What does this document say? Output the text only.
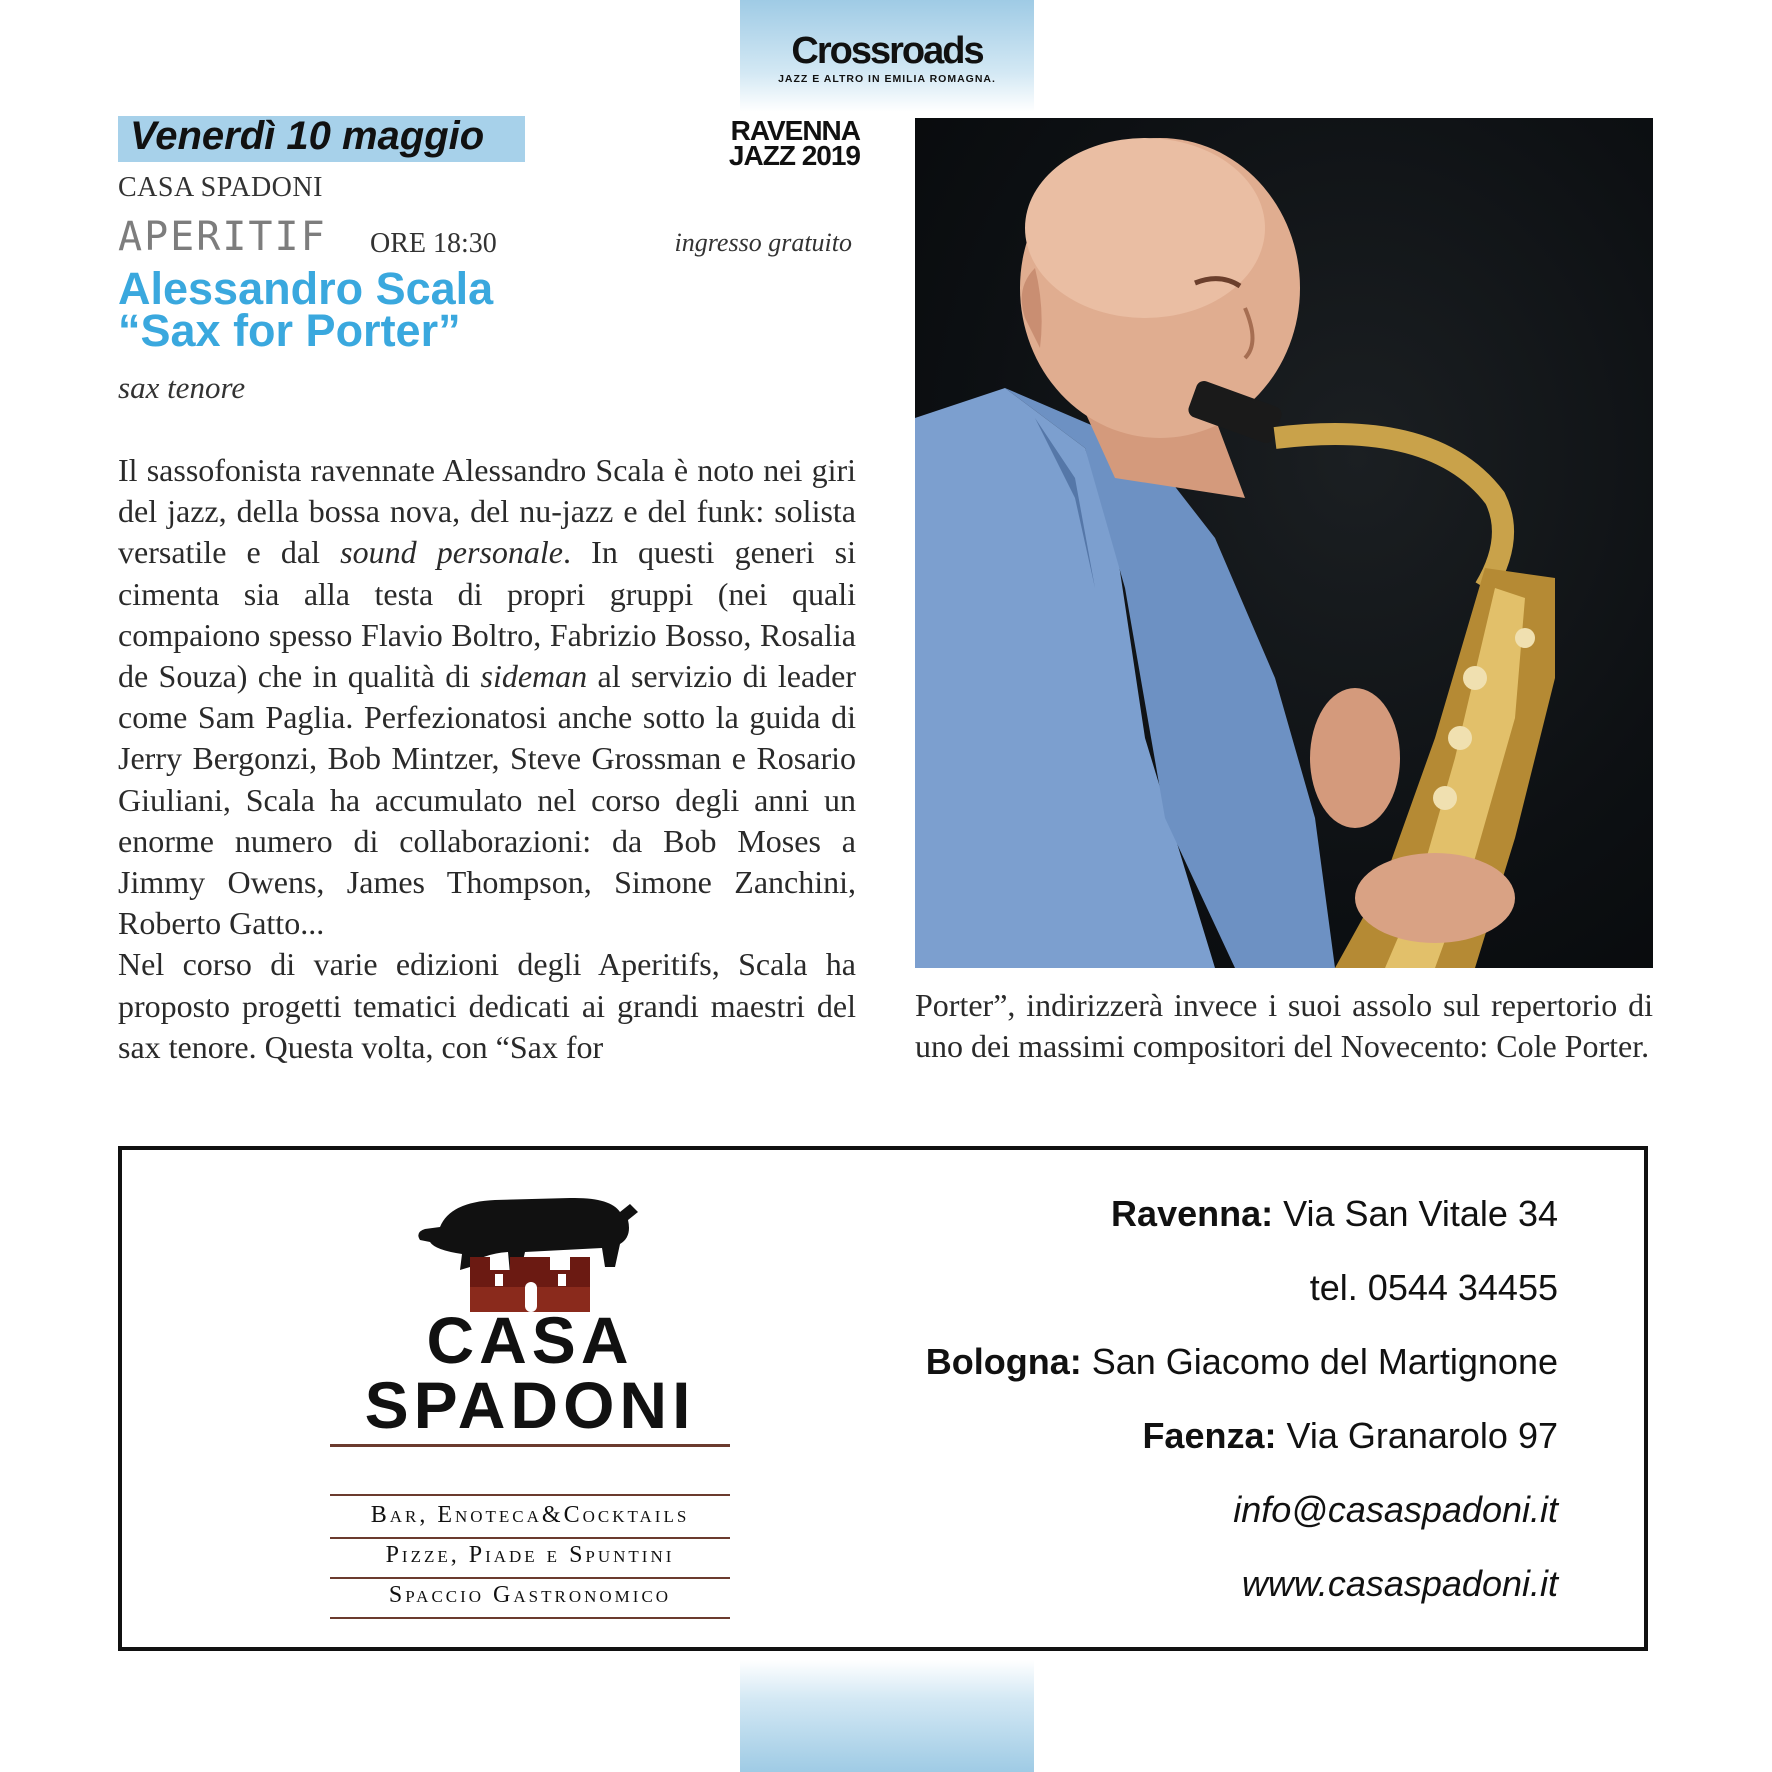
Crossroads
JAZZ E ALTRO IN EMILIA ROMAGNA.
Venerdì 10 maggio	RAVENNA
JAZZ 2019
CASA SPADONI
APERITIF ORE 18:30	ingresso gratuito
Alessandro Scala
“Sax for Porter”
sax tenore

Il sassofonista ravennate Alessandro Scala è noto nei giri del jazz, della bossa nova, del nu-jazz e del funk: solista versatile e dal sound personale. In questi generi si cimenta sia alla testa di propri gruppi (nei quali compaiono spesso Flavio Boltro, Fabrizio Bosso, Rosalia de Souza) che in qualità di sideman al servizio di leader come Sam Paglia. Perfezionatosi anche sotto la guida di Jerry Bergonzi, Bob Mintzer, Steve Grossman e Rosario Giuliani, Scala ha accumulato nel corso degli anni un enorme numero di collaborazioni: da Bob Moses a Jimmy Owens, James Thompson, Simone Zanchini, Roberto Gatto...

Nel corso di varie edizioni degli Aperitifs, Scala ha proposto progetti tematici dedicati ai grandi maestri del sax tenore. Questa volta, con “Sax for

Porter”, indirizzerà invece i suoi assolo sul repertorio di uno dei massimi compositori del Novecento: Cole Porter.

CASA
SPADONI
Bar, Enoteca&Cocktails
Pizze, Piade e Spuntini
Spaccio Gastronomico
Ravenna: Via San Vitale 34
tel. 0544 34455
Bologna: San Giacomo del Martignone
Faenza: Via Granarolo 97
info@casaspadoni.it
www.casaspadoni.it
